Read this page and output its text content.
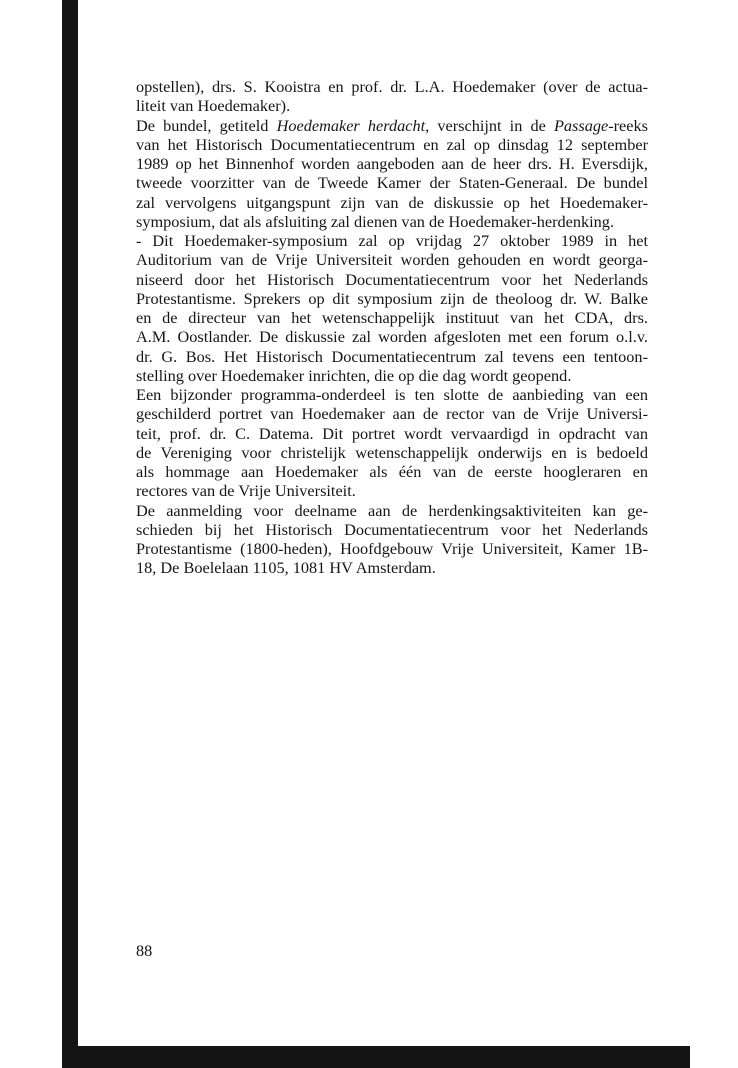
opstellen), drs. S. Kooistra en prof. dr. L.A. Hoedemaker (over de actua-
liteit van Hoedemaker).
De bundel, getiteld Hoedemaker herdacht, verschijnt in de Passage-reeks
van het Historisch Documentatiecentrum en zal op dinsdag 12 september
1989 op het Binnenhof worden aangeboden aan de heer drs. H. Eversdijk,
tweede voorzitter van de Tweede Kamer der Staten-Generaal. De bundel
zal vervolgens uitgangspunt zijn van de diskussie op het Hoedemaker-
symposium, dat als afsluiting zal dienen van de Hoedemaker-herdenking.
- Dit Hoedemaker-symposium zal op vrijdag 27 oktober 1989 in het
Auditorium van de Vrije Universiteit worden gehouden en wordt georga-
niseerd door het Historisch Documentatiecentrum voor het Nederlands
Protestantisme. Sprekers op dit symposium zijn de theoloog dr. W. Balke
en de directeur van het wetenschappelijk instituut van het CDA, drs.
A.M. Oostlander. De diskussie zal worden afgesloten met een forum o.l.v.
dr. G. Bos. Het Historisch Documentatiecentrum zal tevens een tentoon-
stelling over Hoedemaker inrichten, die op die dag wordt geopend.
Een bijzonder programma-onderdeel is ten slotte de aanbieding van een
geschilderd portret van Hoedemaker aan de rector van de Vrije Universi-
teit, prof. dr. C. Datema. Dit portret wordt vervaardigd in opdracht van
de Vereniging voor christelijk wetenschappelijk onderwijs en is bedoeld
als hommage aan Hoedemaker als één van de eerste hoogleraren en
rectores van de Vrije Universiteit.
De aanmelding voor deelname aan de herdenkingsaktiviteiten kan ge-
schieden bij het Historisch Documentatiecentrum voor het Nederlands
Protestantisme (1800-heden), Hoofdgebouw Vrije Universiteit, Kamer 1B-
18, De Boelelaan 1105, 1081 HV Amsterdam.
88
